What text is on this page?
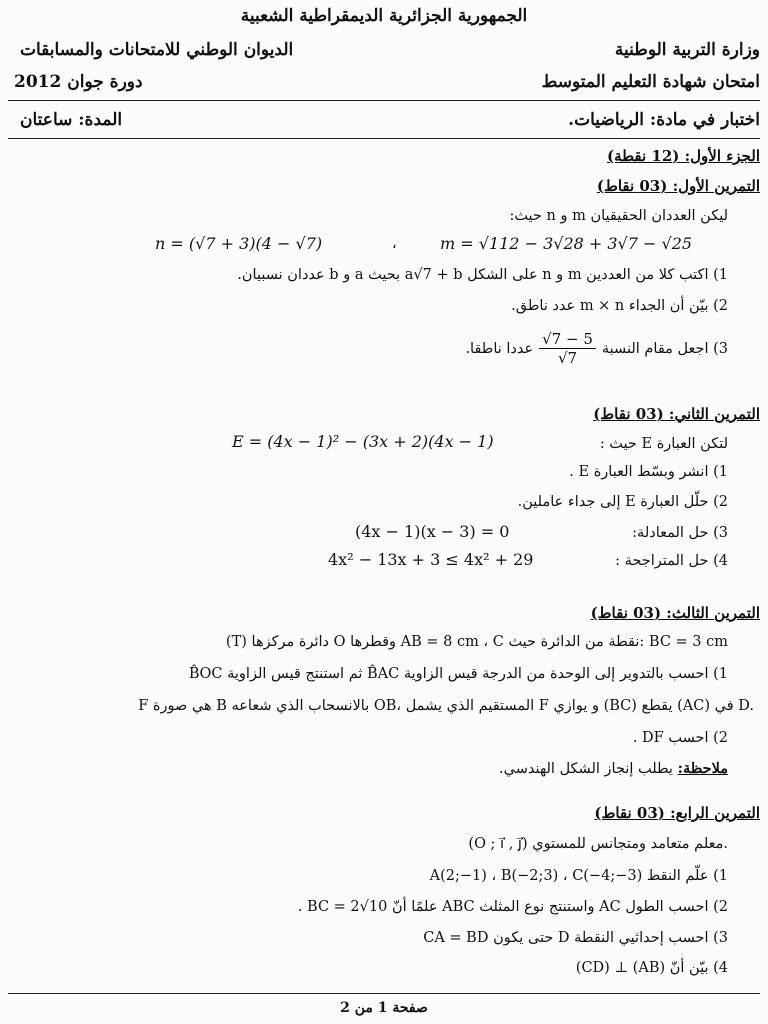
الجمهورية الجزائرية الديمقراطية الشعبية
وزارة التربية الوطنية
الديوان الوطني للامتحانات والمسابقات
امتحان شهادة التعليم المتوسط
دورة جوان 2012
اختبار في مادة: الرياضيات.
المدة: ساعتان
الجزء الأول: (12 نقطة)
التمرين الأول: (03 نقاط)
ليكن العددان الحقيقيان m و n حيث:
m = √112 − 3√28 + 3√7 − √25
،
n = (√7 + 3)(4 − √7)
1) اكتب كلا من العددين m و n على الشكل a√7 + b بحيث a و b عددان نسبيان.
2) بيّن أن الجداء m × n عدد ناطق.
3) اجعل مقام النسبة
$\frac{√7 - 5}{√7}$
عددا ناطقا.
التمرين الثاني: (03 نقاط)
لتكن العبارة E حيث :
E = (4x − 1)² − (3x + 2)(4x − 1)
1) انشر وبسّط العبارة E .
2) حلّل العبارة E إلى جداء عاملين.
3) حل المعادلة:
(4x − 1)(x − 3) = 0
4) حل المتراجحة :
4x² − 13x + 3 ≤ 4x² + 29
التمرين الثالث: (03 نقاط)
(T) دائرة مركزها O وقطرها AB = 8 cm ، C نقطة من الدائرة حيث: BC = 3 cm
1) احسب بالتدوير إلى الوحدة من الدرجة قيس الزاوية B̂AC ثم استنتج قيس الزاوية B̂OC
F هي صورة B بالانسحاب الذي شعاعه OB، المستقيم الذي يشمل F و يوازي (BC) يقطع (AC) في D.
2) احسب DF .
ملاحظة: يطلب إنجاز الشكل الهندسي.
التمرين الرابع: (03 نقاط)
(O ; i⃗ , j⃗) معلم متعامد ومتجانس للمستوي.
1) علّم النقط A(2;−1) ، B(−2;3) ، C(−4;−3)
2) احسب الطول AC واستنتج نوع المثلث ABC علمًا أنّ BC = 2√10 .
3) احسب إحداثيي النقطة D حتى يكون CA = BD
4) بيّن أنّ (AB) ⊥ (CD)
صفحة 1 من 2
